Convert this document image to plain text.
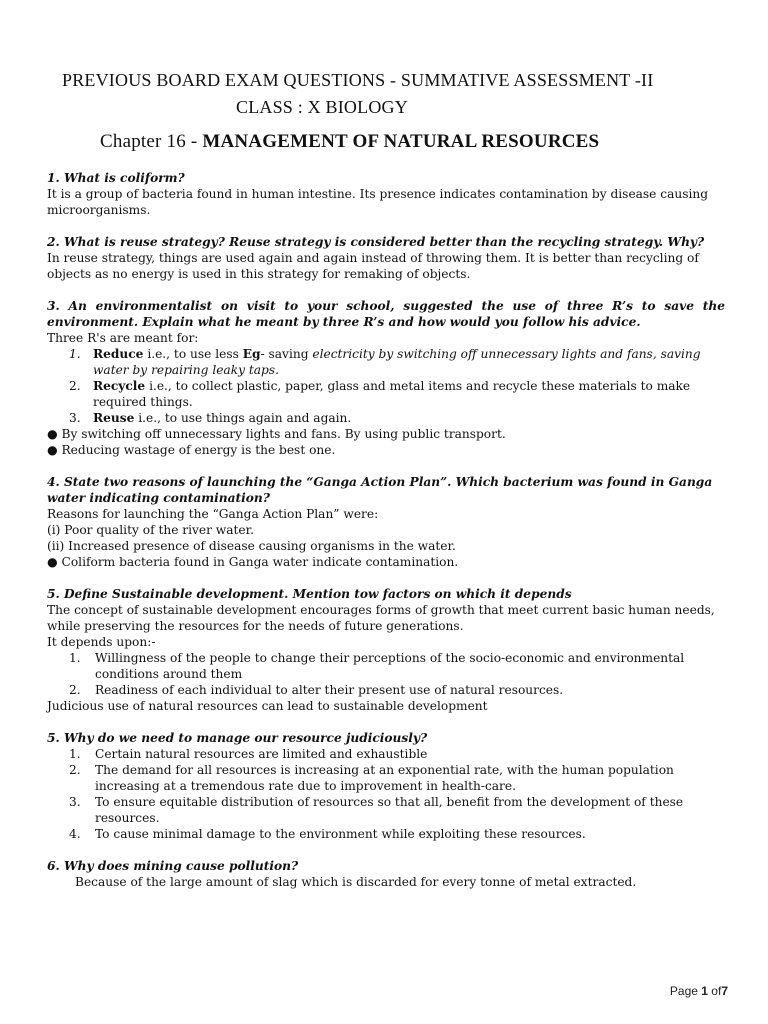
PREVIOUS BOARD EXAM QUESTIONS - SUMMATIVE ASSESSMENT -II
CLASS : X BIOLOGY
Chapter 16 - MANAGEMENT OF NATURAL RESOURCES

1. What is coliform?

It is a group of bacteria found in human intestine. Its presence indicates contamination by disease causing microorganisms.

2. What is reuse strategy? Reuse strategy is considered better than the recycling strategy. Why?

In reuse strategy, things are used again and again instead of throwing them. It is better than recycling of objects as no energy is used in this strategy for remaking of objects.

3. An environmentalist on visit to your school, suggested the use of three R’s to save the environment. Explain what he meant by three R’s and how would you follow his advice.

Three R's are meant for:

1. Reduce i.e., to use less Eg- saving electricity by switching off unnecessary lights and fans, saving water by repairing leaky taps.
2. Recycle i.e., to collect plastic, paper, glass and metal items and recycle these materials to make required things.
3. Reuse i.e., to use things again and again.

● By switching off unnecessary lights and fans. By using public transport.

● Reducing wastage of energy is the best one.

4. State two reasons of launching the “Ganga Action Plan”. Which bacterium was found in Ganga water indicating contamination?

Reasons for launching the “Ganga Action Plan” were:

(i) Poor quality of the river water.

(ii) Increased presence of disease causing organisms in the water.

● Coliform bacteria found in Ganga water indicate contamination.

5. Define Sustainable development. Mention tow factors on which it depends

The concept of sustainable development encourages forms of growth that meet current basic human needs, while preserving the resources for the needs of future generations.

It depends upon:-

1. Willingness of the people to change their perceptions of the socio-economic and environmental conditions around them
2. Readiness of each individual to alter their present use of natural resources.

Judicious use of natural resources can lead to sustainable development

5. Why do we need to manage our resource judiciously?

1. Certain natural resources are limited and exhaustible
2. The demand for all resources is increasing at an exponential rate, with the human population increasing at a tremendous rate due to improvement in health-care.
3. To ensure equitable distribution of resources so that all, benefit from the development of these resources.
4. To cause minimal damage to the environment while exploiting these resources.

6. Why does mining cause pollution?

Because of the large amount of slag which is discarded for every tonne of metal extracted.

Page 1 of7
